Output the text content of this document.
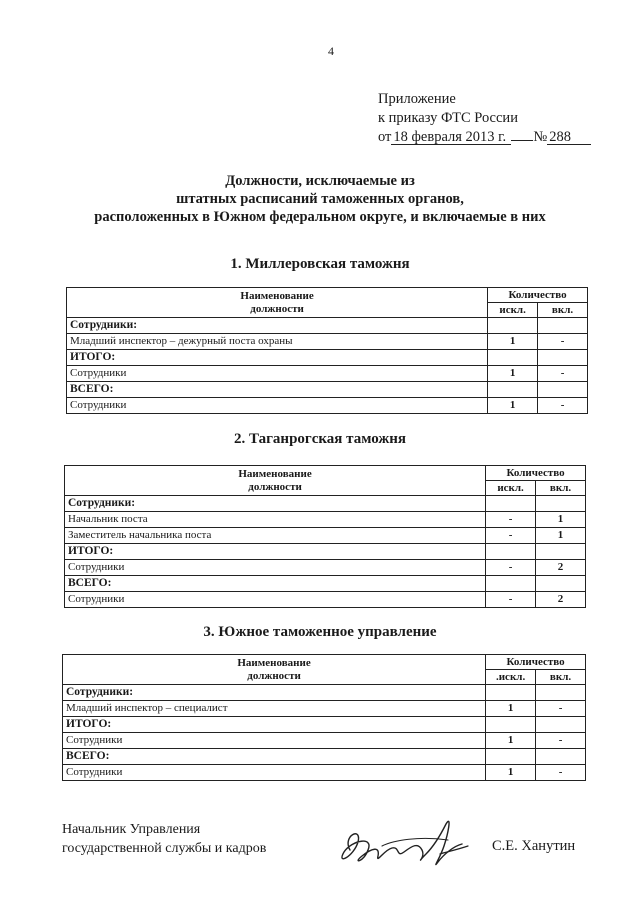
4
Приложение
к приказу ФТС России
от 18 февраля 2013 г. № 288
Должности, исключаемые из
штатных расписаний таможенных органов,
расположенных в Южном федеральном округе, и включаемые в них
1. Миллеровская таможня
Наименование
должности	Количество	
	искл.	вкл.
Сотрудники:		
Младший инспектор – дежурный поста охраны	1	-
ИТОГО:		
Сотрудники	1	-
ВСЕГО:		
Сотрудники	1	-
2. Таганрогская таможня
Наименование
должности	Количество	
	искл.	вкл.
Сотрудники:		
Начальник поста	-	1
Заместитель начальника поста	-	1
ИТОГО:		
Сотрудники	-	2
ВСЕГО:		
Сотрудники	-	2
3. Южное таможенное управление
Наименование
должности	Количество	
	.искл.	вкл.
Сотрудники:		
Младший инспектор – специалист	1	-
ИТОГО:		
Сотрудники	1	-
ВСЕГО:		
Сотрудники	1	-
Начальник Управления
государственной службы и кадров	С.Е. Ханутин
